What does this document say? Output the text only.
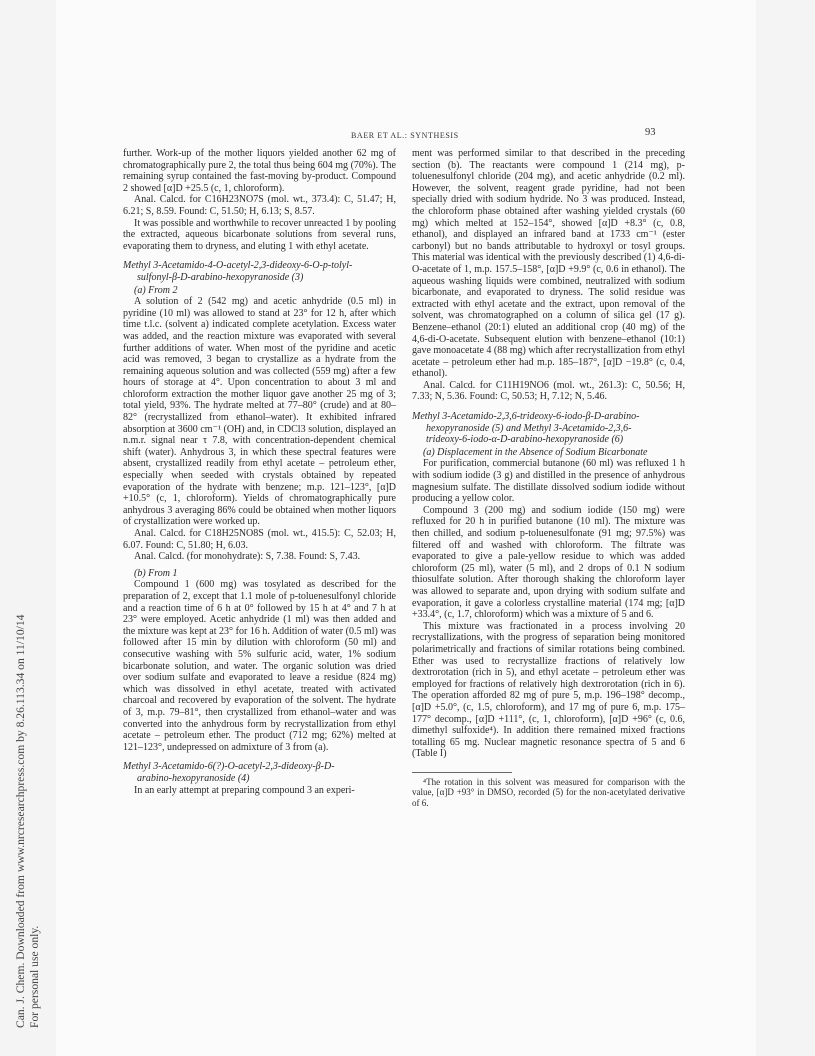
Can. J. Chem. Downloaded from www.nrcresearchpress.com by 8.26.113.34 on 11/10/14 For personal use only.
BAER ET AL.: SYNTHESIS	93

further. Work-up of the mother liquors yielded another 62 mg of chromatographically pure 2, the total thus being 604 mg (70%). The remaining syrup contained the fast-moving by-product. Compound 2 showed [α]D +25.5 (c, 1, chloroform).

Anal. Calcd. for C16H23NO7S (mol. wt., 373.4): C, 51.47; H, 6.21; S, 8.59. Found: C, 51.50; H, 6.13; S, 8.57.

It was possible and worthwhile to recover unreacted 1 by pooling the extracted, aqueous bicarbonate solutions from several runs, evaporating them to dryness, and eluting 1 with ethyl acetate.

Methyl 3-Acetamido-4-O-acetyl-2,3-dideoxy-6-O-p-tolyl-
sulfonyl-β-D-arabino-hexopyranoside (3)
(a) From 2

A solution of 2 (542 mg) and acetic anhydride (0.5 ml) in pyridine (10 ml) was allowed to stand at 23° for 12 h, after which time t.l.c. (solvent a) indicated complete acetylation. Excess water was added, and the reaction mixture was evaporated with several further additions of water. When most of the pyridine and acetic acid was removed, 3 began to crystallize as a hydrate from the remaining aqueous solution and was collected (559 mg) after a few hours of storage at 4°. Upon concentration to about 3 ml and chloroform extraction the mother liquor gave another 25 mg of 3; total yield, 93%. The hydrate melted at 77–80° (crude) and at 80–82° (recrystallized from ethanol–water). It exhibited infrared absorption at 3600 cm⁻¹ (OH) and, in CDCl3 solution, displayed an n.m.r. signal near τ 7.8, with concentration-dependent chemical shift (water). Anhydrous 3, in which these spectral features were absent, crystallized readily from ethyl acetate – petroleum ether, especially when seeded with crystals obtained by repeated evaporation of the hydrate with benzene; m.p. 121–123°, [α]D +10.5° (c, 1, chloroform). Yields of chromatographically pure anhydrous 3 averaging 86% could be obtained when mother liquors of crystallization were worked up.

Anal. Calcd. for C18H25NO8S (mol. wt., 415.5): C, 52.03; H, 6.07. Found: C, 51.80; H, 6.03.

Anal. Calcd. (for monohydrate): S, 7.38. Found: S, 7.43.

(b) From 1

Compound 1 (600 mg) was tosylated as described for the preparation of 2, except that 1.1 mole of p-toluenesulfonyl chloride and a reaction time of 6 h at 0° followed by 15 h at 4° and 7 h at 23° were employed. Acetic anhydride (1 ml) was then added and the mixture was kept at 23° for 16 h. Addition of water (0.5 ml) was followed after 15 min by dilution with chloroform (50 ml) and consecutive washing with 5% sulfuric acid, water, 1% sodium bicarbonate solution, and water. The organic solution was dried over sodium sulfate and evaporated to leave a residue (824 mg) which was dissolved in ethyl acetate, treated with activated charcoal and recovered by evaporation of the solvent. The hydrate of 3, m.p. 79–81°, then crystallized from ethanol–water and was converted into the anhydrous form by recrystallization from ethyl acetate – petroleum ether. The product (712 mg; 62%) melted at 121–123°, undepressed on admixture of 3 from (a).

Methyl 3-Acetamido-6(?)-O-acetyl-2,3-dideoxy-β-D-
arabino-hexopyranoside (4)

In an early attempt at preparing compound 3 an experi-

ment was performed similar to that described in the preceding section (b). The reactants were compound 1 (214 mg), p-toluenesulfonyl chloride (204 mg), and acetic anhydride (0.2 ml). However, the solvent, reagent grade pyridine, had not been specially dried with sodium hydride. No 3 was produced. Instead, the chloroform phase obtained after washing yielded crystals (60 mg) which melted at 152–154°, showed [α]D +8.3° (c, 0.8, ethanol), and displayed an infrared band at 1733 cm⁻¹ (ester carbonyl) but no bands attributable to hydroxyl or tosyl groups. This material was identical with the previously described (1) 4,6-di-O-acetate of 1, m.p. 157.5–158°, [α]D +9.9° (c, 0.6 in ethanol). The aqueous washing liquids were combined, neutralized with sodium bicarbonate, and evaporated to dryness. The solid residue was extracted with ethyl acetate and the extract, upon removal of the solvent, was chromatographed on a column of silica gel (17 g). Benzene–ethanol (20:1) eluted an additional crop (40 mg) of the 4,6-di-O-acetate. Subsequent elution with benzene–ethanol (10:1) gave monoacetate 4 (88 mg) which after recrystallization from ethyl acetate – petroleum ether had m.p. 185–187°, [α]D −19.8° (c, 0.4, ethanol).

Anal. Calcd. for C11H19NO6 (mol. wt., 261.3): C, 50.56; H, 7.33; N, 5.36. Found: C, 50.53; H, 7.12; N, 5.46.

Methyl 3-Acetamido-2,3,6-trideoxy-6-iodo-β-D-arabino-
hexopyranoside (5) and Methyl 3-Acetamido-2,3,6-
trideoxy-6-iodo-α-D-arabino-hexopyranoside (6)
(a) Displacement in the Absence of Sodium Bicarbonate

For purification, commercial butanone (60 ml) was refluxed 1 h with sodium iodide (3 g) and distilled in the presence of anhydrous magnesium sulfate. The distillate dissolved sodium iodide without producing a yellow color.

Compound 3 (200 mg) and sodium iodide (150 mg) were refluxed for 20 h in purified butanone (10 ml). The mixture was then chilled, and sodium p-toluenesulfonate (91 mg; 97.5%) was filtered off and washed with chloroform. The filtrate was evaporated to give a pale-yellow residue to which was added chloroform (25 ml), water (5 ml), and 2 drops of 0.1 N sodium thiosulfate solution. After thorough shaking the chloroform layer was allowed to separate and, upon drying with sodium sulfate and evaporation, it gave a colorless crystalline material (174 mg; [α]D +33.4°, (c, 1.7, chloroform) which was a mixture of 5 and 6.

This mixture was fractionated in a process involving 20 recrystallizations, with the progress of separation being monitored polarimetrically and fractions of similar rotations being combined. Ether was used to recrystallize fractions of relatively low dextrorotation (rich in 5), and ethyl acetate – petroleum ether was employed for fractions of relatively high dextrorotation (rich in 6). The operation afforded 82 mg of pure 5, m.p. 196–198° decomp., [α]D +5.0°, (c, 1.5, chloroform), and 17 mg of pure 6, m.p. 175–177° decomp., [α]D +111°, (c, 1, chloroform), [α]D +96° (c, 0.6, dimethyl sulfoxide⁴). In addition there remained mixed fractions totalling 65 mg. Nuclear magnetic resonance spectra of 5 and 6 (Table I)

⁴The rotation in this solvent was measured for comparison with the value, [α]D +93° in DMSO, recorded (5) for the non-acetylated derivative of 6.
